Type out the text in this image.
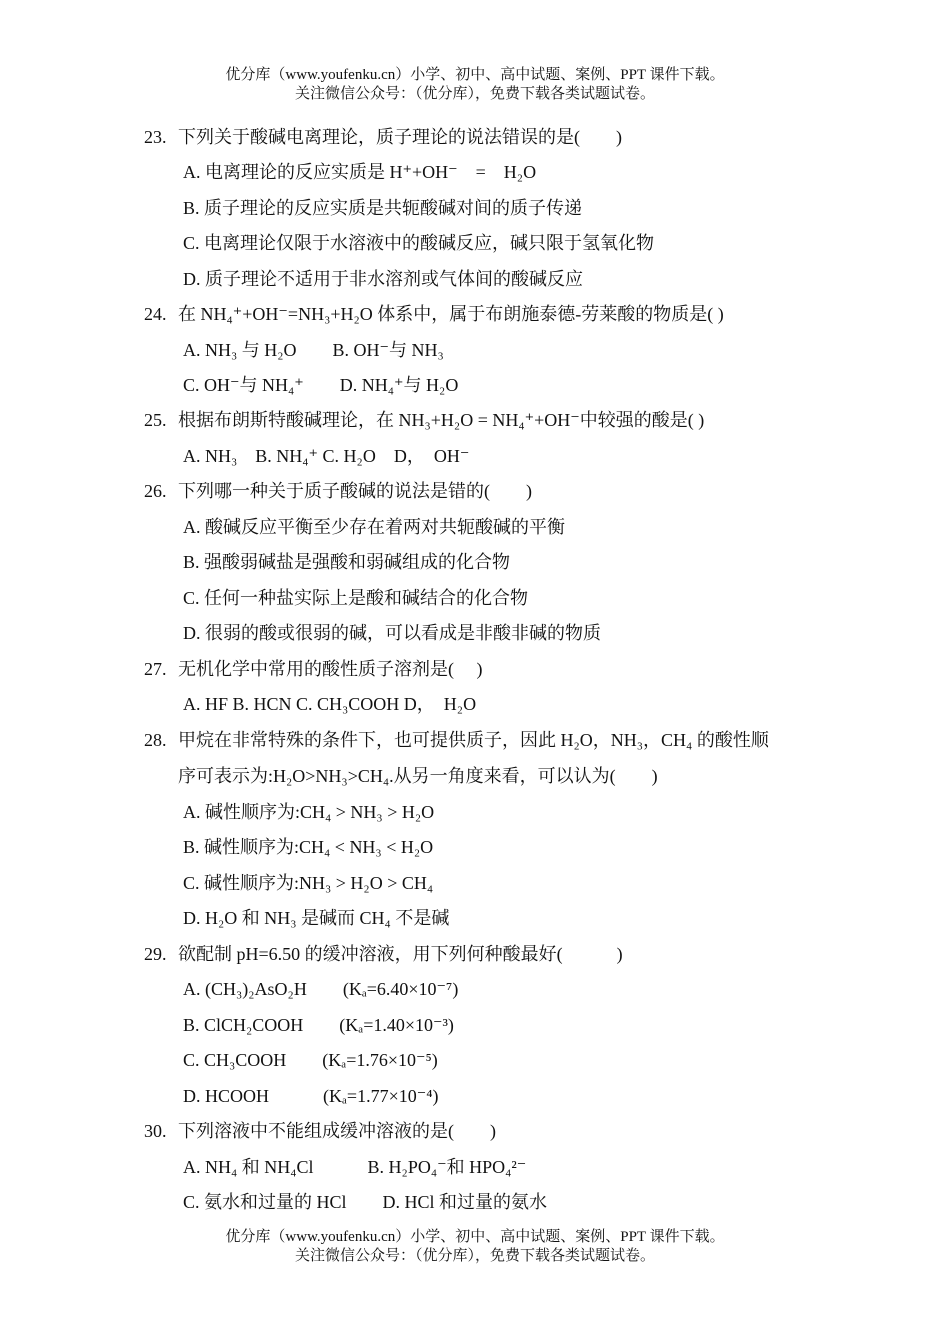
优分库（www.youfenku.cn）小学、初中、高中试题、案例、PPT 课件下载。
关注微信公众号：（优分库），免费下载各类试题试卷。
23. 下列关于酸碱电离理论，质子理论的说法错误的是(　　)
A. 电离理论的反应实质是 H⁺+OH⁻　=　H₂O
B. 质子理论的反应实质是共轭酸碱对间的质子传递
C. 电离理论仅限于水溶液中的酸碱反应，碱只限于氢氧化物
D. 质子理论不适用于非水溶剂或气体间的酸碱反应
24. 在 NH₄⁺+OH⁻=NH₃+H₂O 体系中，属于布朗施泰德-劳莱酸的物质是( )
A. NH₃ 与 H₂O　　B. OH⁻与 NH₃
C. OH⁻与 NH₄⁺　　D. NH₄⁺与 H₂O
25. 根据布朗斯特酸碱理论，在 NH₃+H₂O = NH₄⁺+OH⁻中较强的酸是( )
A. NH₃　B. NH₄⁺ C. H₂O　D，　OH⁻
26. 下列哪一种关于质子酸碱的说法是错的(　　)
A. 酸碱反应平衡至少存在着两对共轭酸碱的平衡
B. 强酸弱碱盐是强酸和弱碱组成的化合物
C. 任何一种盐实际上是酸和碱结合的化合物
D. 很弱的酸或很弱的碱，可以看成是非酸非碱的物质
27. 无机化学中常用的酸性质子溶剂是(　 )
A. HF B. HCN C. CH₃COOH D，　H₂O
28. 甲烷在非常特殊的条件下，也可提供质子，因此 H₂O，NH₃，CH₄ 的酸性顺
序可表示为:H₂O>NH₃>CH₄.从另一角度来看，可以认为(　　)
A. 碱性顺序为:CH₄ > NH₃ > H₂O
B. 碱性顺序为:CH₄ < NH₃ < H₂O
C. 碱性顺序为:NH₃ > H₂O > CH₄
D. H₂O 和 NH₃ 是碱而 CH₄ 不是碱
29. 欲配制 pH=6.50 的缓冲溶液，用下列何种酸最好(　　　)
A. (CH₃)₂AsO₂H　　(Kₐ=6.40×10⁻⁷)
B. ClCH₂COOH　　(Kₐ=1.40×10⁻³)
C. CH₃COOH　　(Kₐ=1.76×10⁻⁵)
D. HCOOH　　　(Kₐ=1.77×10⁻⁴)
30. 下列溶液中不能组成缓冲溶液的是(　　)
A. NH₄ 和 NH₄Cl　　　B. H₂PO₄⁻和 HPO₄²⁻
C. 氨水和过量的 HCl　　D. HCl 和过量的氨水
优分库（www.youfenku.cn）小学、初中、高中试题、案例、PPT 课件下载。
关注微信公众号：（优分库），免费下载各类试题试卷。
